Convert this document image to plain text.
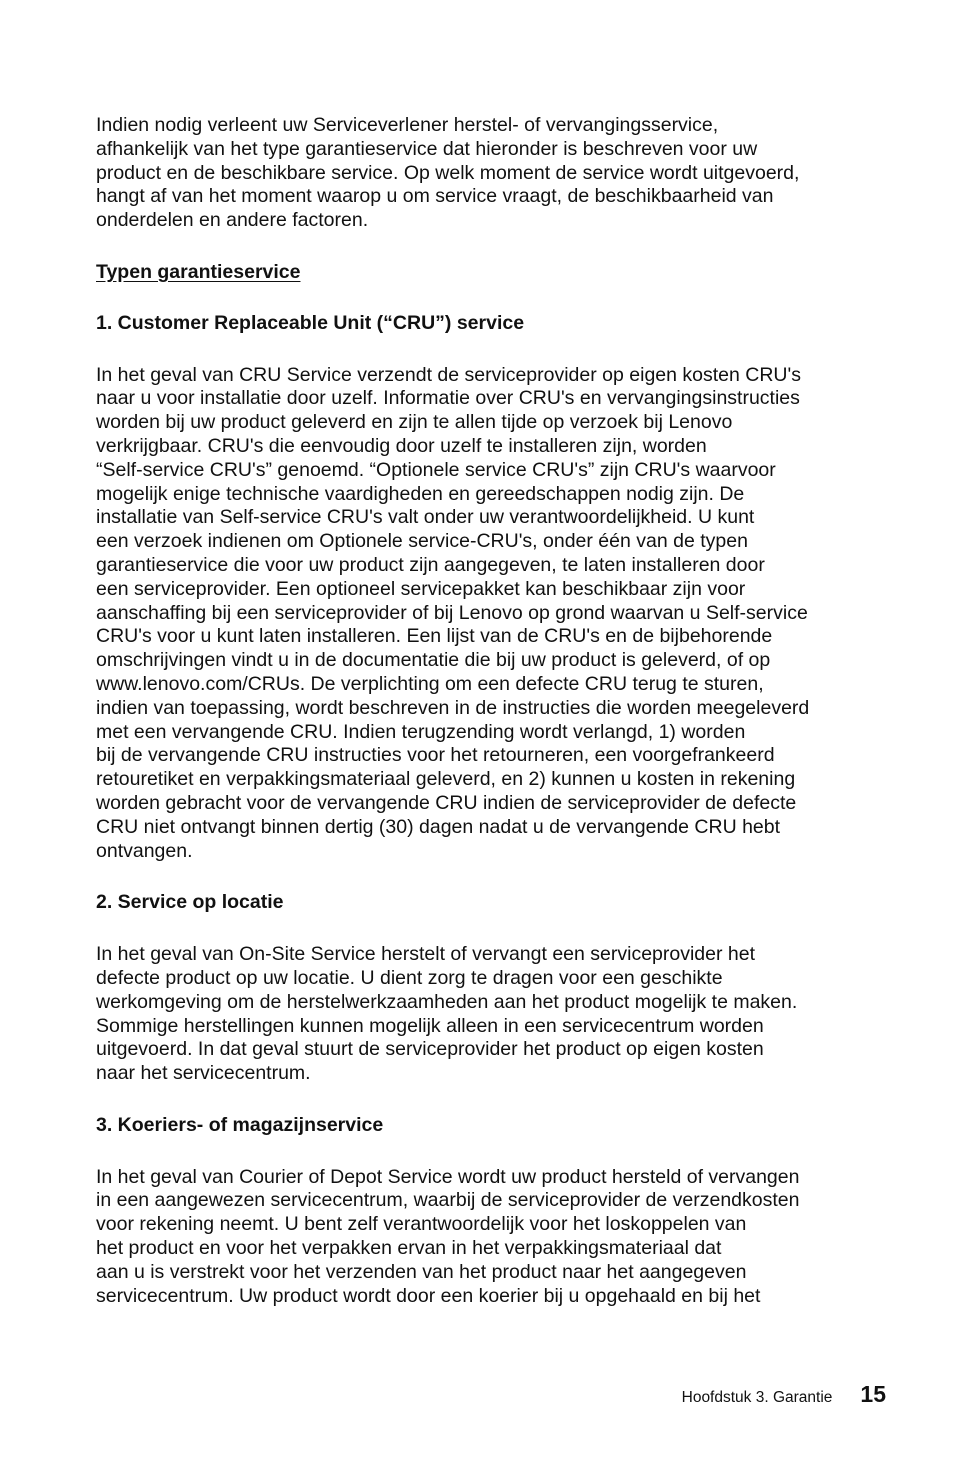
Indien nodig verleent uw Serviceverlener herstel- of vervangingsservice,
afhankelijk van het type garantieservice dat hieronder is beschreven voor uw
product en de beschikbare service. Op welk moment de service wordt uitgevoerd,
hangt af van het moment waarop u om service vraagt, de beschikbaarheid van
onderdelen en andere factoren.
Typen garantieservice
1. Customer Replaceable Unit (“CRU”) service
In het geval van CRU Service verzendt de serviceprovider op eigen kosten CRU's
naar u voor installatie door uzelf. Informatie over CRU's en vervangingsinstructies
worden bij uw product geleverd en zijn te allen tijde op verzoek bij Lenovo
verkrijgbaar. CRU's die eenvoudig door uzelf te installeren zijn, worden
“Self-service CRU's” genoemd. “Optionele service CRU's” zijn CRU's waarvoor
mogelijk enige technische vaardigheden en gereedschappen nodig zijn. De
installatie van Self-service CRU's valt onder uw verantwoordelijkheid. U kunt
een verzoek indienen om Optionele service-CRU's, onder één van de typen
garantieservice die voor uw product zijn aangegeven, te laten installeren door
een serviceprovider. Een optioneel servicepakket kan beschikbaar zijn voor
aanschaffing bij een serviceprovider of bij Lenovo op grond waarvan u Self-service
CRU's voor u kunt laten installeren. Een lijst van de CRU's en de bijbehorende
omschrijvingen vindt u in de documentatie die bij uw product is geleverd, of op
www.lenovo.com/CRUs. De verplichting om een defecte CRU terug te sturen,
indien van toepassing, wordt beschreven in de instructies die worden meegeleverd
met een vervangende CRU. Indien terugzending wordt verlangd, 1) worden
bij de vervangende CRU instructies voor het retourneren, een voorgefrankeerd
retouretiket en verpakkingsmateriaal geleverd, en 2) kunnen u kosten in rekening
worden gebracht voor de vervangende CRU indien de serviceprovider de defecte
CRU niet ontvangt binnen dertig (30) dagen nadat u de vervangende CRU hebt
ontvangen.
2. Service op locatie
In het geval van On-Site Service herstelt of vervangt een serviceprovider het
defecte product op uw locatie. U dient zorg te dragen voor een geschikte
werkomgeving om de herstelwerkzaamheden aan het product mogelijk te maken.
Sommige herstellingen kunnen mogelijk alleen in een servicecentrum worden
uitgevoerd. In dat geval stuurt de serviceprovider het product op eigen kosten
naar het servicecentrum.
3. Koeriers- of magazijnservice
In het geval van Courier of Depot Service wordt uw product hersteld of vervangen
in een aangewezen servicecentrum, waarbij de serviceprovider de verzendkosten
voor rekening neemt. U bent zelf verantwoordelijk voor het loskoppelen van
het product en voor het verpakken ervan in het verpakkingsmateriaal dat
aan u is verstrekt voor het verzenden van het product naar het aangegeven
servicecentrum. Uw product wordt door een koerier bij u opgehaald en bij het
Hoofdstuk 3. Garantie 15
